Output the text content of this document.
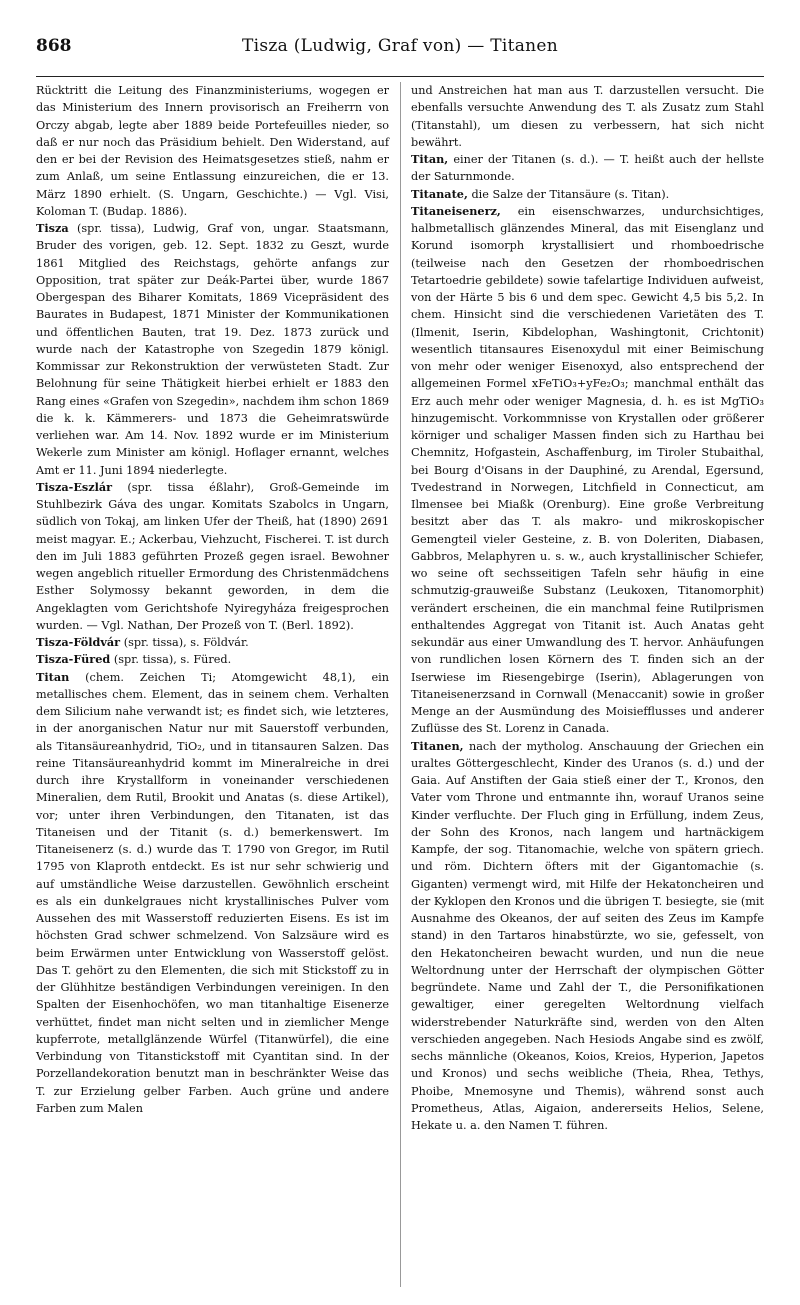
868	Tisza (Ludwig, Graf von) — Titanen

Rücktritt die Leitung des Finanzministeriums, wogegen er das Ministerium des Innern provisorisch an Freiherrn von Orczy abgab, legte aber 1889 beide Portefeuilles nieder, so daß er nur noch das Präsidium behielt. Den Widerstand, auf den er bei der Revision des Heimatsgesetzes stieß, nahm er zum Anlaß, um seine Entlassung einzureichen, die er 13. März 1890 erhielt. (S. Ungarn, Geschichte.) — Vgl. Visi, Koloman T. (Budap. 1886).

Tisza (spr. tissa), Ludwig, Graf von, ungar. Staatsmann, Bruder des vorigen, geb. 12. Sept. 1832 zu Geszt, wurde 1861 Mitglied des Reichstags, gehörte anfangs zur Opposition, trat später zur Deák-Partei über, wurde 1867 Obergespan des Biharer Komitats, 1869 Vicepräsident des Baurates in Budapest, 1871 Minister der Kommunikationen und öffentlichen Bauten, trat 19. Dez. 1873 zurück und wurde nach der Katastrophe von Szegedin 1879 königl. Kommissar zur Rekonstruktion der verwüsteten Stadt. Zur Belohnung für seine Thätigkeit hierbei erhielt er 1883 den Rang eines «Grafen von Szegedin», nachdem ihm schon 1869 die k. k. Kämmerers- und 1873 die Geheimratswürde verliehen war. Am 14. Nov. 1892 wurde er im Ministerium Wekerle zum Minister am königl. Hoflager ernannt, welches Amt er 11. Juni 1894 niederlegte.

Tisza-Eszlár (spr. tissa éßlahr), Groß-Gemeinde im Stuhlbezirk Gáva des ungar. Komitats Szabolcs in Ungarn, südlich von Tokaj, am linken Ufer der Theiß, hat (1890) 2691 meist magyar. E.; Ackerbau, Viehzucht, Fischerei. T. ist durch den im Juli 1883 geführten Prozeß gegen israel. Bewohner wegen angeblich ritueller Ermordung des Christenmädchens Esther Solymossy bekannt geworden, in dem die Angeklagten vom Gerichtshofe Nyiregyháza freigesprochen wurden. — Vgl. Nathan, Der Prozeß von T. (Berl. 1892).

Tisza-Földvár (spr. tissa), s. Földvár.

Tisza-Füred (spr. tissa), s. Füred.

Titan (chem. Zeichen Ti; Atomgewicht 48,1), ein metallisches chem. Element, das in seinem chem. Verhalten dem Silicium nahe verwandt ist; es findet sich, wie letzteres, in der anorganischen Natur nur mit Sauerstoff verbunden, als Titansäureanhydrid, TiO₂, und in titansauren Salzen. Das reine Titansäureanhydrid kommt im Mineralreiche in drei durch ihre Krystallform in voneinander verschiedenen Mineralien, dem Rutil, Brookit und Anatas (s. diese Artikel), vor; unter ihren Verbindungen, den Titanaten, ist das Titaneisen und der Titanit (s. d.) bemerkenswert. Im Titaneisenerz (s. d.) wurde das T. 1790 von Gregor, im Rutil 1795 von Klaproth entdeckt. Es ist nur sehr schwierig und auf umständliche Weise darzustellen. Gewöhnlich erscheint es als ein dunkelgraues nicht krystallinisches Pulver vom Aussehen des mit Wasserstoff reduzierten Eisens. Es ist im höchsten Grad schwer schmelzend. Von Salzsäure wird es beim Erwärmen unter Entwicklung von Wasserstoff gelöst. Das T. gehört zu den Elementen, die sich mit Stickstoff zu in der Glühhitze beständigen Verbindungen vereinigen. In den Spalten der Eisenhochöfen, wo man titanhaltige Eisenerze verhüttet, findet man nicht selten und in ziemlicher Menge kupferrote, metallglänzende Würfel (Titanwürfel), die eine Verbindung von Titanstickstoff mit Cyantitan sind. In der Porzellandekoration benutzt man in beschränkter Weise das T. zur Erzielung gelber Farben. Auch grüne und andere Farben zum Malen

und Anstreichen hat man aus T. darzustellen versucht. Die ebenfalls versuchte Anwendung des T. als Zusatz zum Stahl (Titanstahl), um diesen zu verbessern, hat sich nicht bewährt.

Titan, einer der Titanen (s. d.). — T. heißt auch der hellste der Saturnmonde.

Titanate, die Salze der Titansäure (s. Titan).

Titaneisenerz, ein eisenschwarzes, undurchsichtiges, halbmetallisch glänzendes Mineral, das mit Eisenglanz und Korund isomorph krystallisiert und rhomboedrische (teilweise nach den Gesetzen der rhomboedrischen Tetartoedrie gebildete) sowie tafelartige Individuen aufweist, von der Härte 5 bis 6 und dem spec. Gewicht 4,5 bis 5,2. In chem. Hinsicht sind die verschiedenen Varietäten des T. (Ilmenit, Iserin, Kibdelophan, Washingtonit, Crichtonit) wesentlich titansaures Eisenoxydul mit einer Beimischung von mehr oder weniger Eisenoxyd, also entsprechend der allgemeinen Formel xFeTiO₃+yFe₂O₃; manchmal enthält das Erz auch mehr oder weniger Magnesia, d. h. es ist MgTiO₃ hinzugemischt. Vorkommnisse von Krystallen oder größerer körniger und schaliger Massen finden sich zu Harthau bei Chemnitz, Hofgastein, Aschaffenburg, im Tiroler Stubaithal, bei Bourg d'Oisans in der Dauphiné, zu Arendal, Egersund, Tvedestrand in Norwegen, Litchfield in Connecticut, am Ilmensee bei Miaßk (Orenburg). Eine große Verbreitung besitzt aber das T. als makro- und mikroskopischer Gemengteil vieler Gesteine, z. B. von Doleriten, Diabasen, Gabbros, Melaphyren u. s. w., auch krystallinischer Schiefer, wo seine oft sechsseitigen Tafeln sehr häufig in eine schmutzig-grauweiße Substanz (Leukoxen, Titanomorphit) verändert erscheinen, die ein manchmal feine Rutilprismen enthaltendes Aggregat von Titanit ist. Auch Anatas geht sekundär aus einer Umwandlung des T. hervor. Anhäufungen von rundlichen losen Körnern des T. finden sich an der Iserwiese im Riesengebirge (Iserin), Ablagerungen von Titaneisenerzsand in Cornwall (Menaccanit) sowie in großer Menge an der Ausmündung des Moisiefflusses und anderer Zuflüsse des St. Lorenz in Canada.

Titanen, nach der mytholog. Anschauung der Griechen ein uraltes Göttergeschlecht, Kinder des Uranos (s. d.) und der Gaia. Auf Anstiften der Gaia stieß einer der T., Kronos, den Vater vom Throne und entmannte ihn, worauf Uranos seine Kinder verfluchte. Der Fluch ging in Erfüllung, indem Zeus, der Sohn des Kronos, nach langem und hartnäckigem Kampfe, der sog. Titanomachie, welche von spätern griech. und röm. Dichtern öfters mit der Gigantomachie (s. Giganten) vermengt wird, mit Hilfe der Hekatoncheiren und der Kyklopen den Kronos und die übrigen T. besiegte, sie (mit Ausnahme des Okeanos, der auf seiten des Zeus im Kampfe stand) in den Tartaros hinabstürzte, wo sie, gefesselt, von den Hekatoncheiren bewacht wurden, und nun die neue Weltordnung unter der Herrschaft der olympischen Götter begründete. Name und Zahl der T., die Personifikationen gewaltiger, einer geregelten Weltordnung vielfach widerstrebender Naturkräfte sind, werden von den Alten verschieden angegeben. Nach Hesiods Angabe sind es zwölf, sechs männliche (Okeanos, Koios, Kreios, Hyperion, Japetos und Kronos) und sechs weibliche (Theia, Rhea, Tethys, Phoibe, Mnemosyne und Themis), während sonst auch Prometheus, Atlas, Aigaion, andererseits Helios, Selene, Hekate u. a. den Namen T. führen.
